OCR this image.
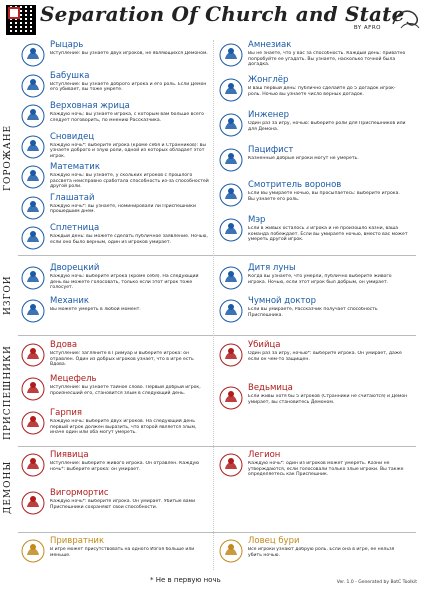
Separation Of Church and State
BY AFRO
ГОРОЖАНЕ
ИЗГОИ
ПРИСПЕШНИКИ
ДЕМОНЫ
Рыцарь
Вступление: вы узнаете двух игроков, не являющихся Демоном.
Бабушка
Вступление: вы узнаете доброго игрока и его роль. Если Демон его убивает, вы тоже умрете.
Верховная жрица
Каждую ночь: вы узнаете игрока, с которым вам больше всего следует поговорить, по мнению Рассказчика.
Сновидец
Каждую ночь*: выберите игрока (кроме себя и Странников): вы узнаете доброго и злую роли, одной из которых обладает этот игрок.
Математик
Каждую ночь: вы узнаете, у скольких игроков с прошлого рассвета неисправно сработала способность из-за способностей другой роли.
Глашатай
Каждую ночь*: вы узнаете, номинировали ли Приспешники прошедшим днем.
Сплетница
Каждый день: вы можете сделать публичное заявление. Ночью, если оно было верным, один из игроков умирает.
Амнезиак
Вы не знаете, что у вас за способность. Каждый день: приватно попробуйте ее угадать. Вы узнаете, насколько точной была догадка.
Жонглёр
В ваш первый день: публично сделайте до 5 догадок игрок-роль. Ночью вы узнаете число верных догадок.
Инженер
Один раз за игру, ночью: выберите роли для Приспешников или для Демона.
Пацифист
Казненные добрые игроки могут не умереть.
Смотритель воронов
Если Вы умираете ночью, вы просыпаетесь: выберите игрока. Вы узнаете его роль.
Мэр
Если в живых осталось 3 игрока и не произошло казни, ваша команда побеждает. Если вы умираете ночью, вместо вас может умереть другой игрок.
Дворецкий
Каждую ночь: выберите игрока (кроме себя). На следующий день вы можете голосовать, только если этот игрок тоже голосует.
Механик
Вы можете умереть в любой момент.
Дитя луны
Когда вы узнаете, что умерли, публично выберите живого игрока. Ночью, если этот игрок был добрым, он умирает.
Чумной доктор
Если вы умираете, Рассказчик получает способность Приспешника.
Вдова
Вступление: загляните в Гримуар и выберите игрока: он отравлен. Один из добрых игроков узнает, что в игре есть Вдова.
Мецефель
Вступление: вы узнаете тайное слово. Первый добрый игрок, произнесший его, становится злым в следующий день.
Гарпия
Каждую ночь: выберите двух игроков. На следующий день первый игрок должен выразить, что второй является злым, иначе один или оба могут умереть.
Убийца
Один раз за игру, ночью*: выберите игрока. Он умирает, даже если он чем-то защищен.
Ведьмица
Если живы хотя бы 5 игроков (Странники не считаются) и Демон умирает, вы становитесь Демоном.
Пиявица
Вступление: выберите живого игрока. Он отравлен. Каждую ночь*: выберите игрока: он умирает.
Вигормортис
Каждую ночь*: выберите игрока. Он умирает. Убитые вами Приспешники сохраняют свои способности.
Легион
Каждую ночь*: один из игроков может умереть. Казни не утверждаются, если голосовали только злые игроки. Вы также определяетесь как Приспешник.
Привратник
В игре может присутствовать на одного Изгоя больше или меньше.
Ловец бури
Все игроки узнают добрую роль. Если она в игре, ее нельзя убить ночью.
* Не в первую ночь	Ver. 1.0 - Generated by BotC Toolkit
